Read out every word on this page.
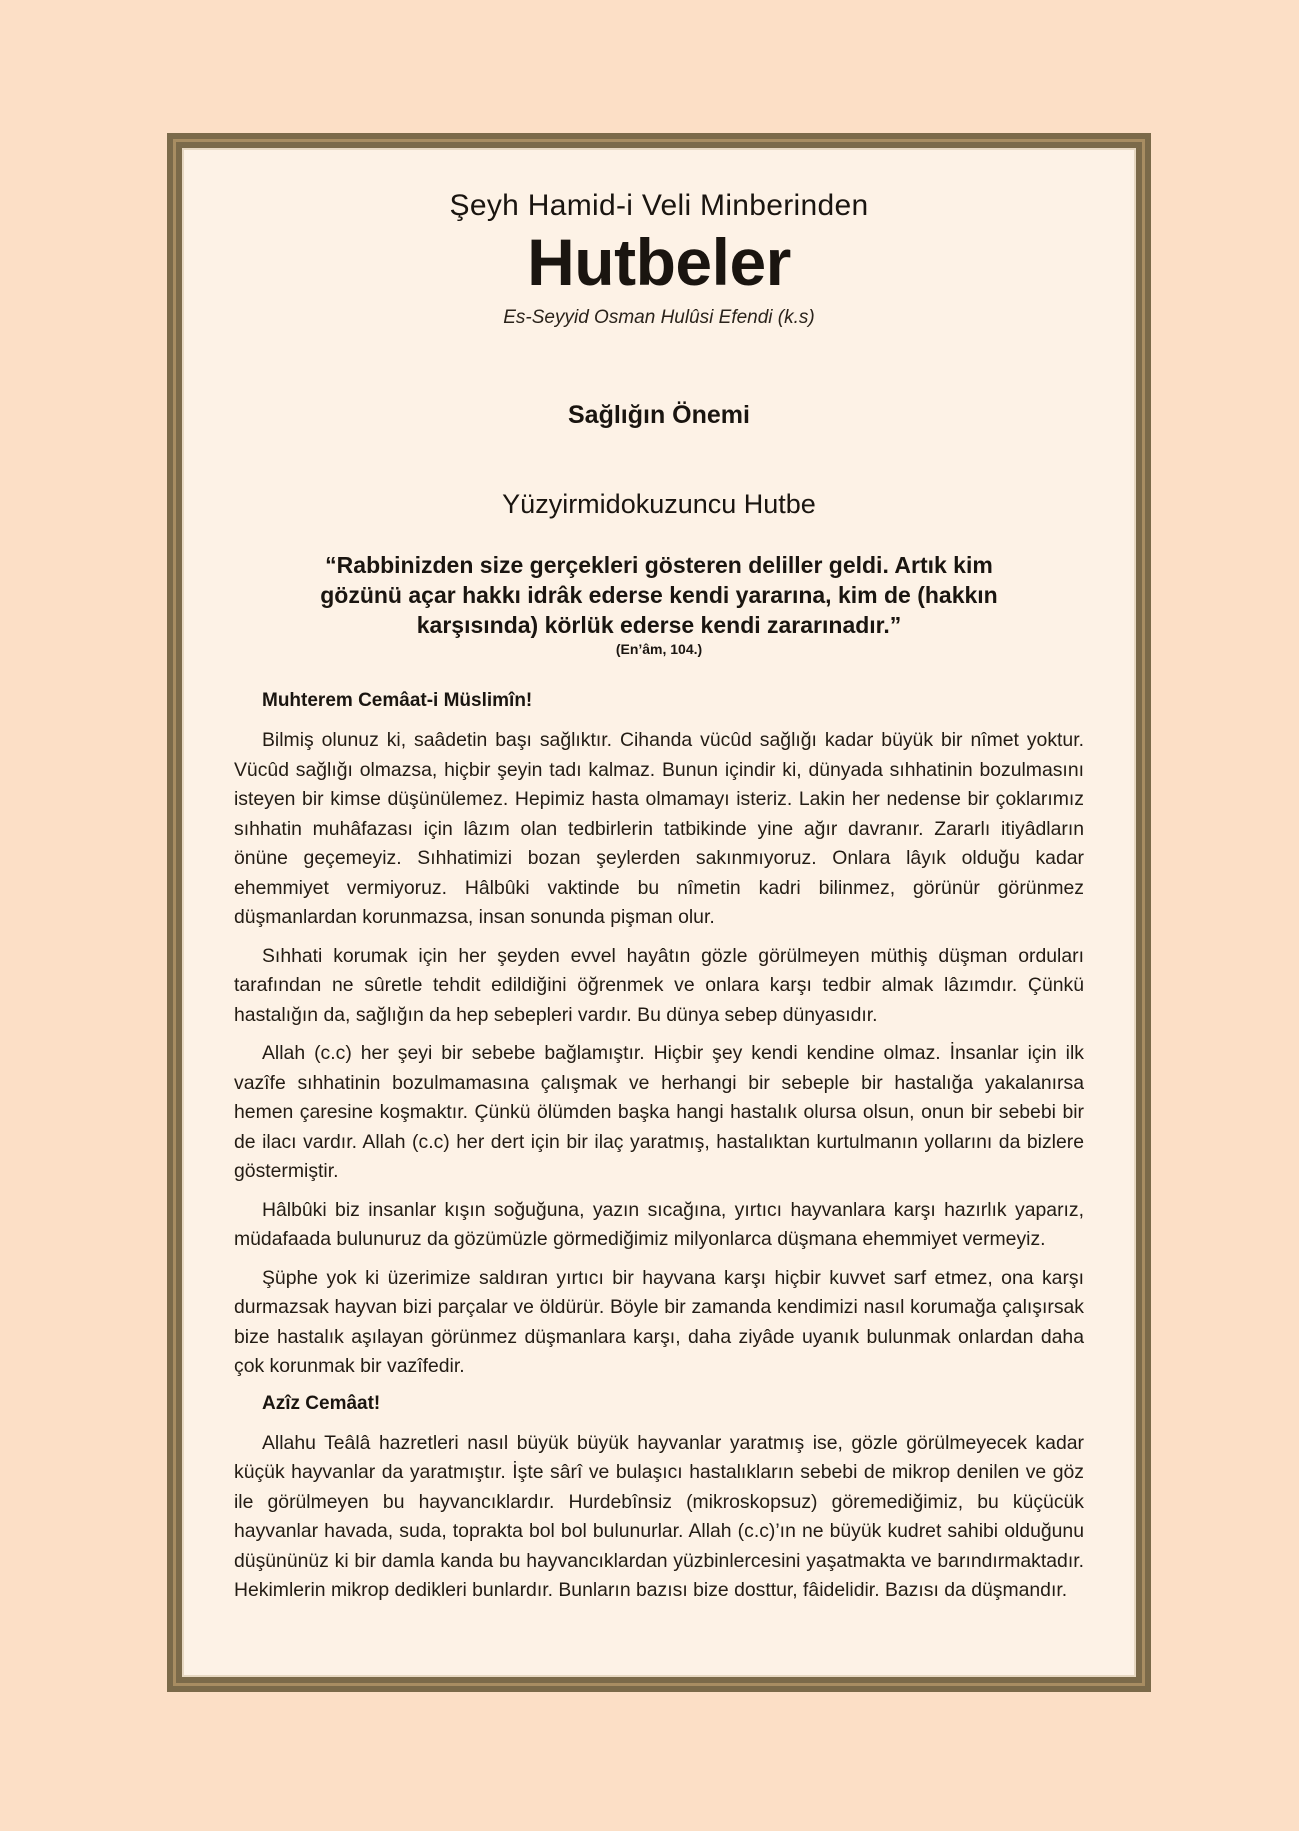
Şeyh Hamid-i Veli Minberinden

Hutbeler

Es-Seyyid Osman Hulûsi Efendi (k.s)

Sağlığın Önemi

Yüzyirmidokuzuncu Hutbe

“Rabbinizden size gerçekleri gösteren deliller geldi. Artık kim gözünü açar hakkı idrâk ederse kendi yararına, kim de (hakkın karşısında) körlük ederse kendi zararınadır.”

(En’âm, 104.)

Muhterem Cemâat-i Müslimîn!

Bilmiş olunuz ki, saâdetin başı sağlıktır. Cihanda vücûd sağlığı kadar büyük bir nîmet yoktur. Vücûd sağlığı olmazsa, hiçbir şeyin tadı kalmaz. Bunun içindir ki, dünyada sıhhatinin bozulmasını isteyen bir kimse düşünülemez. Hepimiz hasta olmamayı isteriz. Lakin her nedense bir çoklarımız sıhhatin muhâfazası için lâzım olan tedbirlerin tatbikinde yine ağır davranır. Zararlı itiyâdların önüne geçemeyiz. Sıhhatimizi bozan şeylerden sakınmıyoruz. Onlara lâyık olduğu kadar ehemmiyet vermiyoruz. Hâlbûki vaktinde bu nîmetin kadri bilinmez, görünür görünmez düşmanlardan korunmazsa, insan sonunda pişman olur.

Sıhhati korumak için her şeyden evvel hayâtın gözle görülmeyen müthiş düşman orduları tarafından ne sûretle tehdit edildiğini öğrenmek ve onlara karşı tedbir almak lâzımdır. Çünkü hastalığın da, sağlığın da hep sebepleri vardır. Bu dünya sebep dünyasıdır.

Allah (c.c) her şeyi bir sebebe bağlamıştır. Hiçbir şey kendi kendine olmaz. İnsanlar için ilk vazîfe sıhhatinin bozulmamasına çalışmak ve herhangi bir sebeple bir hastalığa yakalanırsa hemen çaresine koşmaktır. Çünkü ölümden başka hangi hastalık olursa olsun, onun bir sebebi bir de ilacı vardır. Allah (c.c) her dert için bir ilaç yaratmış, hastalıktan kurtulmanın yollarını da bizlere göstermiştir.

Hâlbûki biz insanlar kışın soğuğuna, yazın sıcağına, yırtıcı hayvanlara karşı hazırlık yaparız, müdafaada bulunuruz da gözümüzle görmediğimiz milyonlarca düşmana ehemmiyet vermeyiz.

Şüphe yok ki üzerimize saldıran yırtıcı bir hayvana karşı hiçbir kuvvet sarf etmez, ona karşı durmazsak hayvan bizi parçalar ve öldürür. Böyle bir zamanda kendimizi nasıl korumağa çalışırsak bize hastalık aşılayan görünmez düşmanlara karşı, daha ziyâde uyanık bulunmak onlardan daha çok korunmak bir vazîfedir.

Azîz Cemâat!

Allahu Teâlâ hazretleri nasıl büyük büyük hayvanlar yaratmış ise, gözle görülmeyecek kadar küçük hayvanlar da yaratmıştır. İşte sârî ve bulaşıcı hastalıkların sebebi de mikrop denilen ve göz ile görülmeyen bu hayvancıklardır. Hurdebînsiz (mikroskopsuz) göremediğimiz, bu küçücük hayvanlar havada, suda, toprakta bol bol bulunurlar. Allah (c.c)’ın ne büyük kudret sahibi olduğunu düşününüz ki bir damla kanda bu hayvancıklardan yüzbinlercesini yaşatmakta ve barındırmaktadır. Hekimlerin mikrop dedikleri bunlardır. Bunların bazısı bize dosttur, fâidelidir. Bazısı da düşmandır.
